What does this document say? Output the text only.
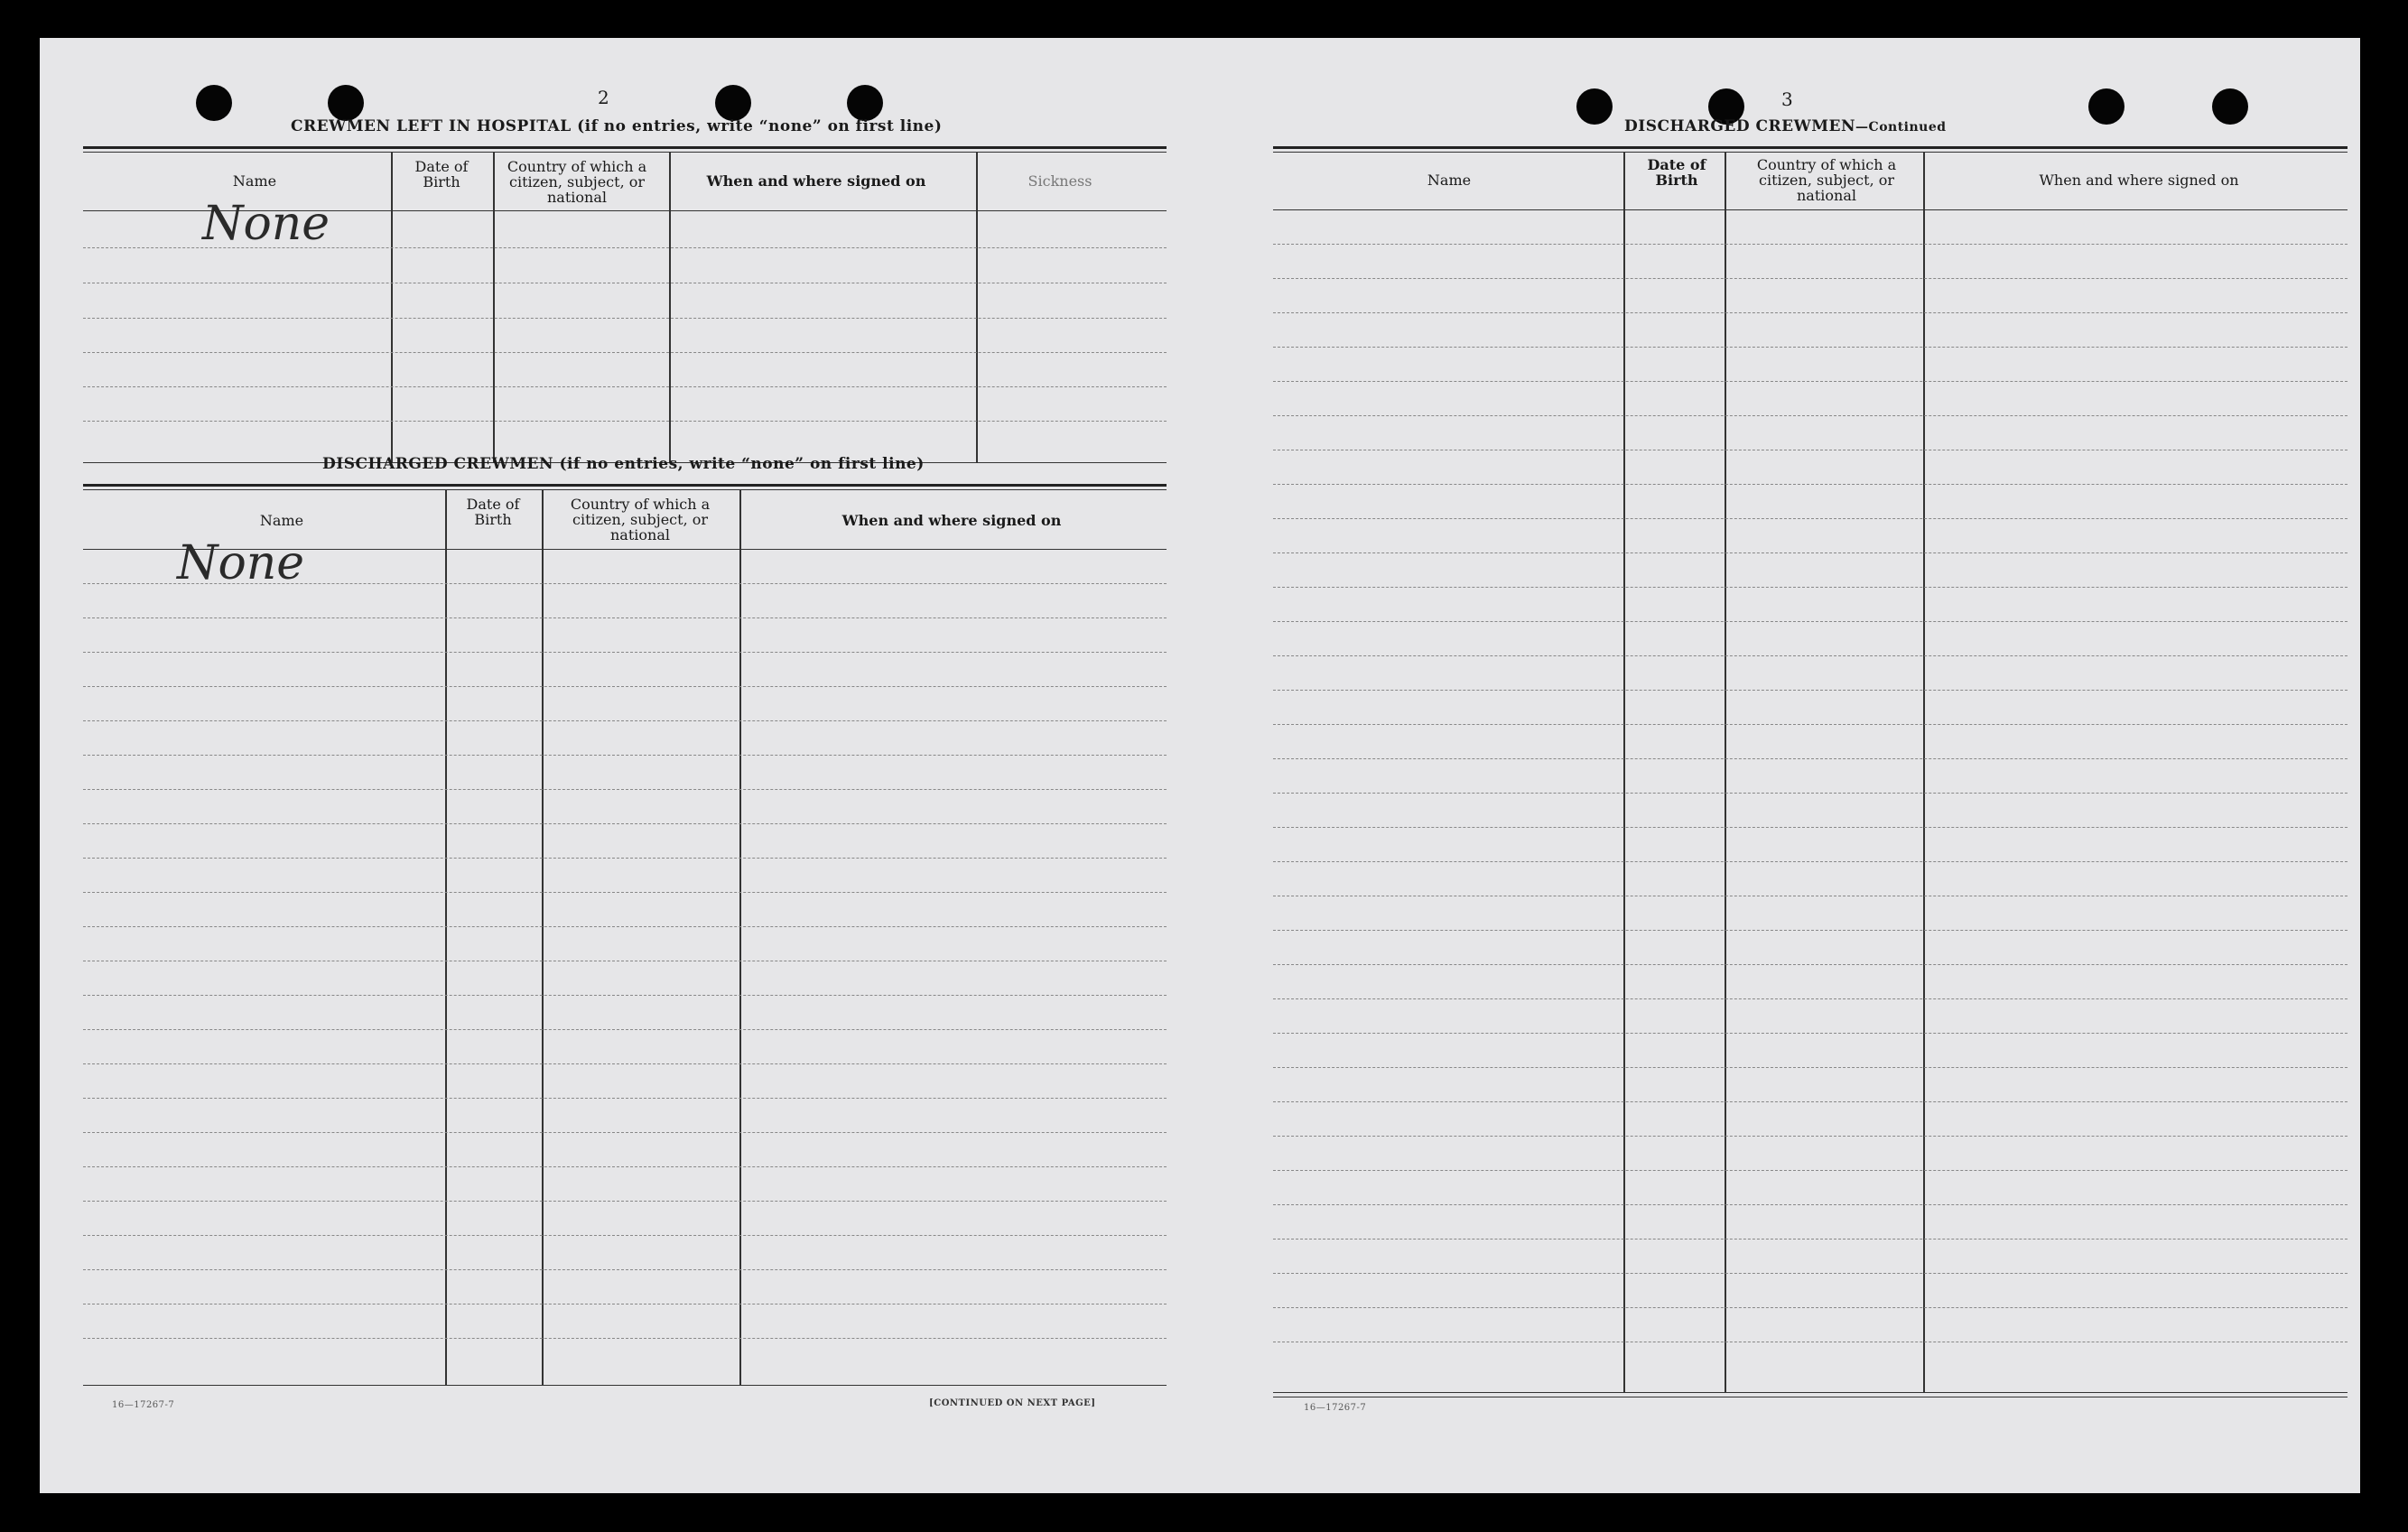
2
CREWMEN LEFT IN HOSPITAL (if no entries, write “none” on first line)
Name
Date of Birth
Country of which a citizen, subject, or national
When and where signed on	Sickness
None
DISCHARGED CREWMEN (if no entries, write “none” on first line)
Name
Date of Birth
Country of which a citizen, subject, or national
When and where signed on
None
16—17267-7	[CONTINUED ON NEXT PAGE]
3
DISCHARGED CREWMEN—Continued
Name
Date of Birth
Country of which a citizen, subject, or national
When and where signed on
16—17267-7
